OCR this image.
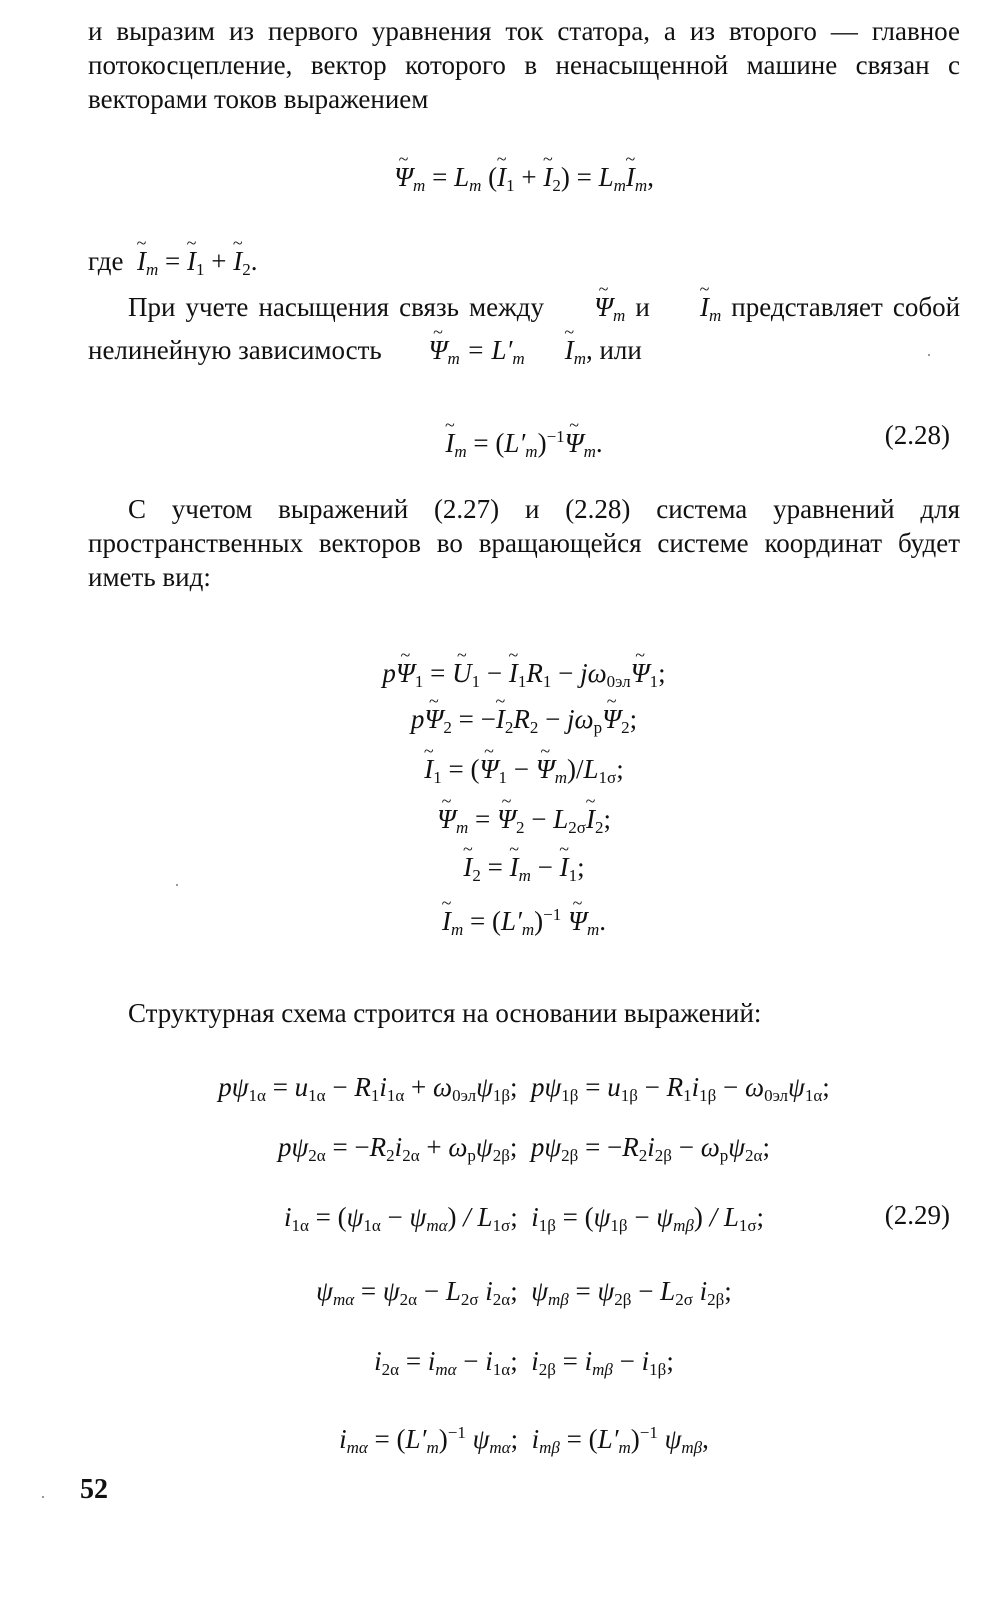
и выразим из первого уравнения ток статора, а из второго — главное потокосцепление, вектор которого в ненасыщенной машине связан с векторами токов выражением

~ $\Psi_m = L_m$ (~ $I_1$ + ~ $I_2$) = $L_m\sim$ $I_m$,
где  ~ $I_m$ = ~ $I_1$ + ~ $I_2$.
При учете насыщения связь между ~ $\Psi_m$ и ~ $I_m$ представляет собой нелинейную зависимость ~ $\Psi_m$ = $L'_m\sim$ $I_m$, или
~ $I_m$ = $(L'_m)^{-1}\sim$ $\Psi_m$.	(2.28)

С учетом выражений (2.27) и (2.28) система уравнений для пространственных векторов во вращающейся системе координат будет иметь вид:

p~ $\Psi_1$ = ~ $U_1$ − ~ $I_1R_1$ − $j\omega_{0эл}\sim$ $\Psi_1$;
p~ $\Psi_2$ = −~ $I_2R_2$ − $j\omega_р\sim$ $\Psi_2$;
~ $I_1$ = (~ $\Psi_1$ − ~ $\Psi_m)/L_{1\sigma}$;
~ $\Psi_m$ = ~ $\Psi_2$ − $L_{2\sigma}\sim$ $I_2$;
~ $I_2$ = ~ $I_m$ − ~ $I_1$;
~ $I_m = (L'_m)^{-1}$ ~ $\Psi_m$.

Структурная схема строится на основании выражений:

$p\psi_{1\alpha} = u_{1\alpha} - R_1i_{1\alpha} + \omega_{0эл}\psi_{1\beta}$;  $p\psi_{1\beta} = u_{1\beta} - R_1i_{1\beta} - \omega_{0эл}\psi_{1\alpha}$;
$p\psi_{2\alpha} = -R_2i_{2\alpha} + \omega_р\psi_{2\beta}$;  $p\psi_{2\beta} = -R_2i_{2\beta} - \omega_р\psi_{2\alpha}$;
$i_{1\alpha} = (\psi_{1\alpha} - \psi_{m\alpha}) / L_{1\sigma}$;  $i_{1\beta} = (\psi_{1\beta} - \psi_{m\beta}) / L_{1\sigma}$;	(2.29)
$\psi_{m\alpha} = \psi_{2\alpha} - L_{2\sigma}$ $i_{2\alpha}$;  $\psi_{m\beta} = \psi_{2\beta} - L_{2\sigma}$ $i_{2\beta}$;
$i_{2\alpha} = i_{m\alpha} - i_{1\alpha}$;  $i_{2\beta} = i_{m\beta} - i_{1\beta}$;
$i_{m\alpha} = (L'_m)^{-1}$ $\psi_{m\alpha}$;  $i_{m\beta} = (L'_m)^{-1}$ $\psi_{m\beta}$,
52
